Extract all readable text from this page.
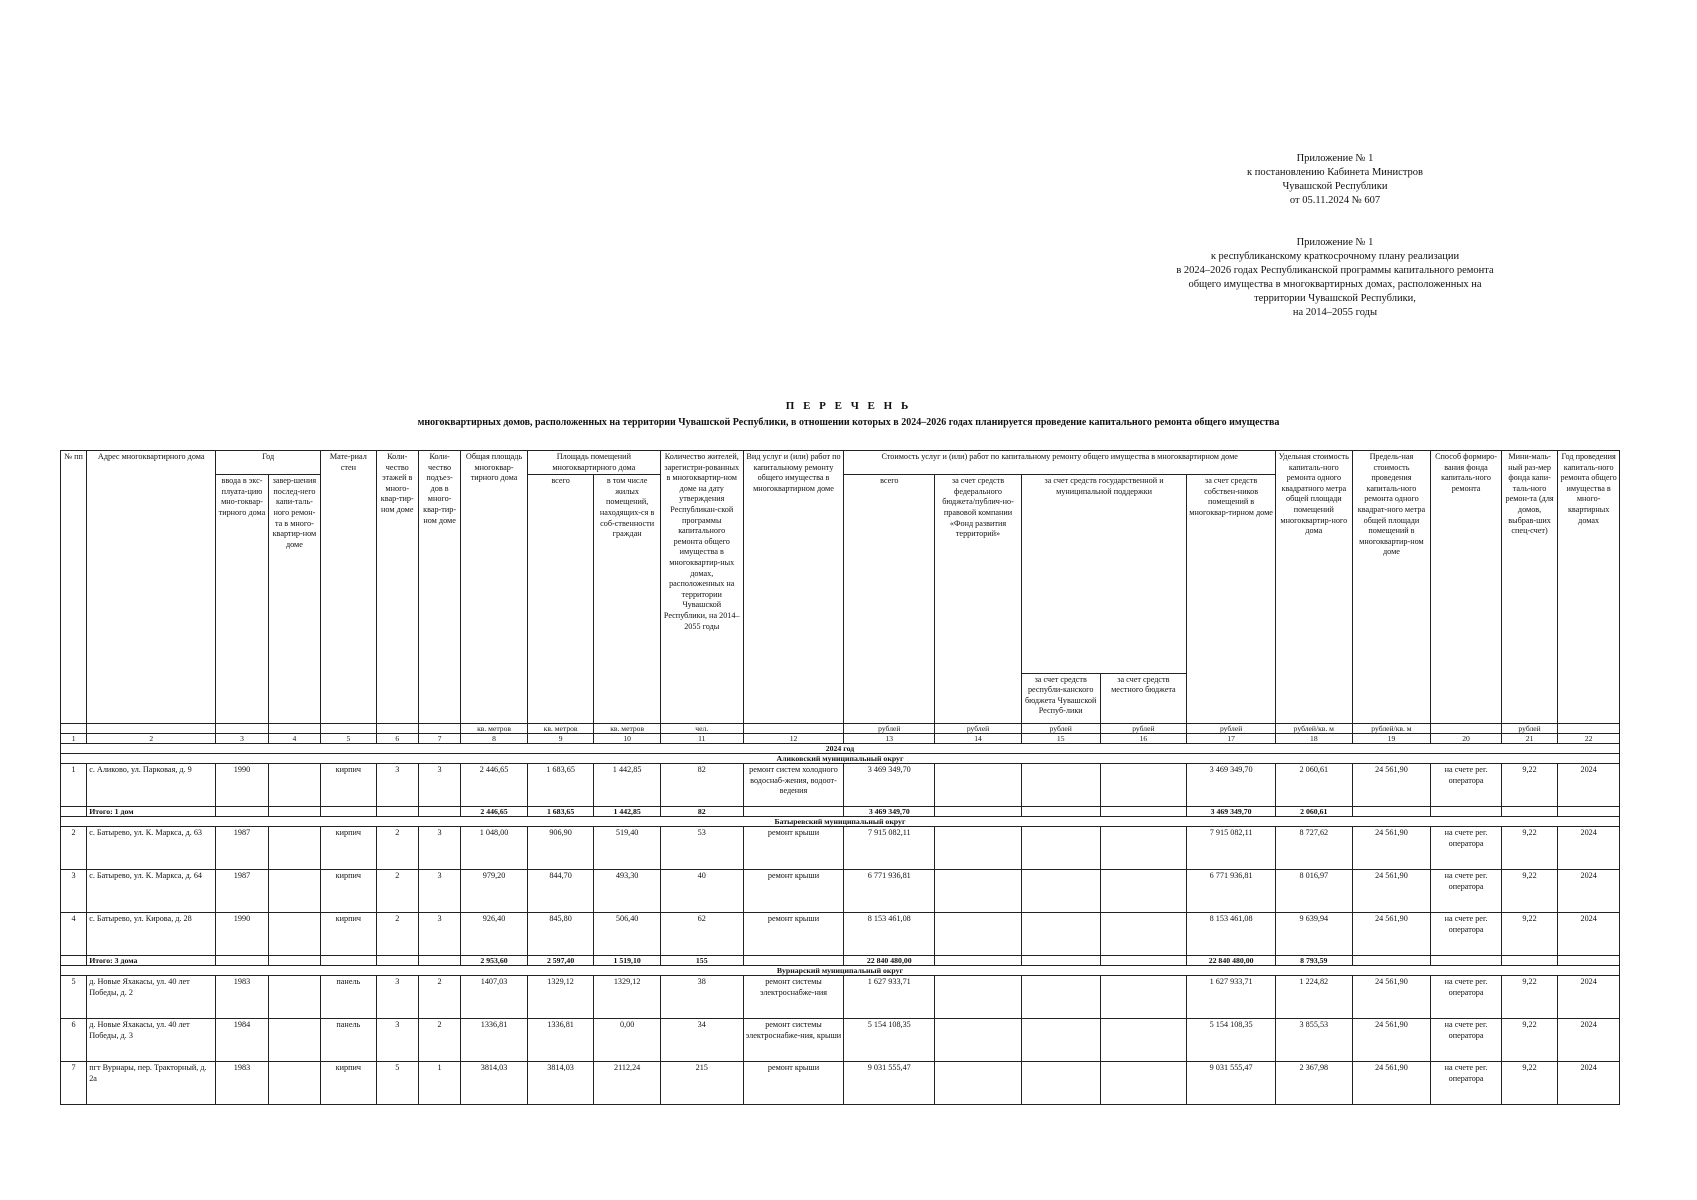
Приложение № 1
к постановлению Кабинета Министров
Чувашской Республики
от 05.11.2024 № 607
Приложение № 1
к республиканскому краткосрочному плану реализации
в 2024–2026 годах Республиканской программы капитального ремонта
общего имущества в многоквартирных домах, расположенных на
территории Чувашской Республики,
на 2014–2055 годы
П Е Р Е Ч Е Н Ь
многоквартирных домов, расположенных на территории Чувашской Республики, в отношении которых в 2024–2026 годах планируется проведение капитального ремонта общего имущества
№ пп	Адрес многоквартирного дома	Год		Мате-риал стен	Коли-чество этажей в много-квар-тир-ном доме	Коли-чество подъез-дов в много-квар-тир-ном доме	Общая площадь многоквар-тирного дома	Площадь помещений многоквартирного дома		Количество жителей, зарегистри-рованных в многоквартир-ном доме на дату утверждения Республикан-ской программы капитального ремонта общего имущества в многоквартир-ных домах, расположенных на территории Чувашской Республики, на 2014–2055 годы	Вид услуг и (или) работ по капитальному ремонту общего имущества в многоквартирном доме	Стоимость услуг и (или) работ по капитальному ремонту общего имущества в многоквартирном доме					Удельная стоимость капиталь-ного ремонта одного квадратного метра общей площади помещений многоквартир-ного дома	Предель-ная стоимость проведения капиталь-ного ремонта одного квадрат-ного метра общей площади помещений в многоквартир-ном доме	Способ формиро-вания фонда капиталь-ного ремонта	Мини-маль-ный раз-мер фонда капи-таль-ного ремон-та (для домов, выбрав-ших спец-счет)	Год проведения капиталь-ного ремонта общего имущества в много-квартирных домах
		ввода в экс-плуата-цию мно-гоквар-тирного дома	завер-шения послед-него капи-таль-ного ремон-та в много-квартир-ном доме					всего	в том числе жилых помещений, находящих-ся в соб-ственности граждан			всего	за счет средств федерального бюджета/публич-но-правовой компании «Фонд развития территорий»	за счет средств государственной и муниципальной поддержки		за счет средств собствен-ников помещений в многоквар-тирном доме					
														за счет средств республи-канского бюджета Чувашской Респуб-лики	за счет средств местного бюджета						
							кв. метров	кв. метров	кв. метров	чел.		рублей	рублей	рублей	рублей	рублей	рублей/кв. м	рублей/кв. м		рублей	
1	2	3	4	5	6	7	8	9	10	11	12	13	14	15	16	17	18	19	20	21	22
2024 год																					
Аликовский муниципальный округ																					
1	с. Аликово, ул. Парковая, д. 9	1990		кирпич	3	3	2 446,65	1 683,65	1 442,85	82	ремонт систем холодного водоснаб-жения, водоот-ведения	3 469 349,70				3 469 349,70	2 060,61	24 561,90	на счете рег. оператора	9,22	2024
	Итого: 1 дом						2 446,65	1 683,65	1 442,85	82		3 469 349,70				3 469 349,70	2 060,61				
Батыревский муниципальный округ																					
2	с. Батырево, ул. К. Маркса, д. 63	1987		кирпич	2	3	1 048,00	906,90	519,40	53	ремонт крыши	7 915 082,11				7 915 082,11	8 727,62	24 561,90	на счете рег. оператора	9,22	2024
3	с. Батырево, ул. К. Маркса, д. 64	1987		кирпич	2	3	979,20	844,70	493,30	40	ремонт крыши	6 771 936,81				6 771 936,81	8 016,97	24 561,90	на счете рег. оператора	9,22	2024
4	с. Батырево, ул. Кирова, д. 28	1990		кирпич	2	3	926,40	845,80	506,40	62	ремонт крыши	8 153 461,08				8 153 461,08	9 639,94	24 561,90	на счете рег. оператора	9,22	2024
	Итого: 3 дома						2 953,60	2 597,40	1 519,10	155		22 840 480,00				22 840 480,00	8 793,59				
Вурнарский муниципальный округ																					
5	д. Новые Яхакасы, ул. 40 лет Победы, д. 2	1983		панель	3	2	1407,03	1329,12	1329,12	38	ремонт системы электроснабже-ния	1 627 933,71				1 627 933,71	1 224,82	24 561,90	на счете рег. оператора	9,22	2024
6	д. Новые Яхакасы, ул. 40 лет Победы, д. 3	1984		панель	3	2	1336,81	1336,81	0,00	34	ремонт системы электроснабже-ния, крыши	5 154 108,35				5 154 108,35	3 855,53	24 561,90	на счете рег. оператора	9,22	2024
7	пгт Вурнары, пер. Тракторный, д. 2а	1983		кирпич	5	1	3814,03	3814,03	2112,24	215	ремонт крыши	9 031 555,47				9 031 555,47	2 367,98	24 561,90	на счете рег. оператора	9,22	2024
